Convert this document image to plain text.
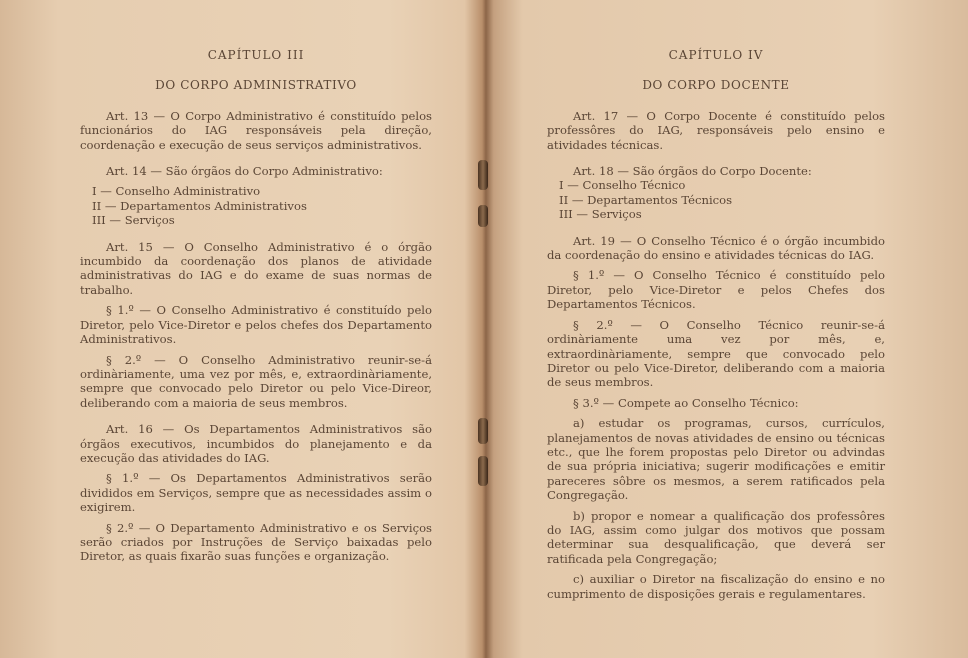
CAPÍTULO III
DO CORPO ADMINISTRATIVO

Art. 13 — O Corpo Administrativo é constituído pelos funcionários do IAG responsáveis pela direção, coordenação e execução de seus serviços administrativos.

Art. 14 — São órgãos do Corpo Administrativo:

I — Conselho Administrativo

II — Departamentos Administrativos

III — Serviços

Art. 15 — O Conselho Administrativo é o órgão incumbido da coordenação dos planos de atividade administrativas do IAG e do exame de suas normas de trabalho.

§ 1.º — O Conselho Administrativo é constituído pelo Diretor, pelo Vice-Diretor e pelos chefes dos Departamento Administrativos.

§ 2.º — O Conselho Administrativo reunir-se-á ordinàriamente, uma vez por mês, e, extraordinàriamente, sempre que convocado pelo Diretor ou pelo Vice-Direor, deliberando com a maioria de seus membros.

Art. 16 — Os Departamentos Administrativos são órgãos executivos, incumbidos do planejamento e da execução das atividades do IAG.

§ 1.º — Os Departamentos Administrativos serão divididos em Serviços, sempre que as necessidades assim o exigirem.

§ 2.º — O Departamento Administrativo e os Serviços serão criados por Instruções de Serviço baixadas pelo Diretor, as quais fixarão suas funções e organização.

CAPÍTULO IV
DO CORPO DOCENTE

Art. 17 — O Corpo Docente é constituído pelos professôres do IAG, responsáveis pelo ensino e atividades técnicas.

Art. 18 — São órgãos do Corpo Docente:

I — Conselho Técnico

II — Departamentos Técnicos

III — Serviços

Art. 19 — O Conselho Técnico é o órgão incumbido da coordenação do ensino e atividades técnicas do IAG.

§ 1.º — O Conselho Técnico é constituído pelo Diretor, pelo Vice-Diretor e pelos Chefes dos Departamentos Técnicos.

§ 2.º — O Conselho Técnico reunir-se-á ordinàriamente uma vez por mês, e, extraordinàriamente, sempre que convocado pelo Diretor ou pelo Vice-Diretor, deliberando com a maioria de seus membros.

§ 3.º — Compete ao Conselho Técnico:

a) estudar os programas, cursos, currículos, planejamentos de novas atividades de ensino ou técnicas etc., que lhe forem propostas pelo Diretor ou advindas de sua própria iniciativa; sugerir modificações e emitir pareceres sôbre os mesmos, a serem ratificados pela Congregação.

b) propor e nomear a qualificação dos professôres do IAG, assim como julgar dos motivos que possam determinar sua desqualificação, que deverá ser ratificada pela Congregação;

c) auxiliar o Diretor na fiscalização do ensino e no cumprimento de disposições gerais e regulamentares.
